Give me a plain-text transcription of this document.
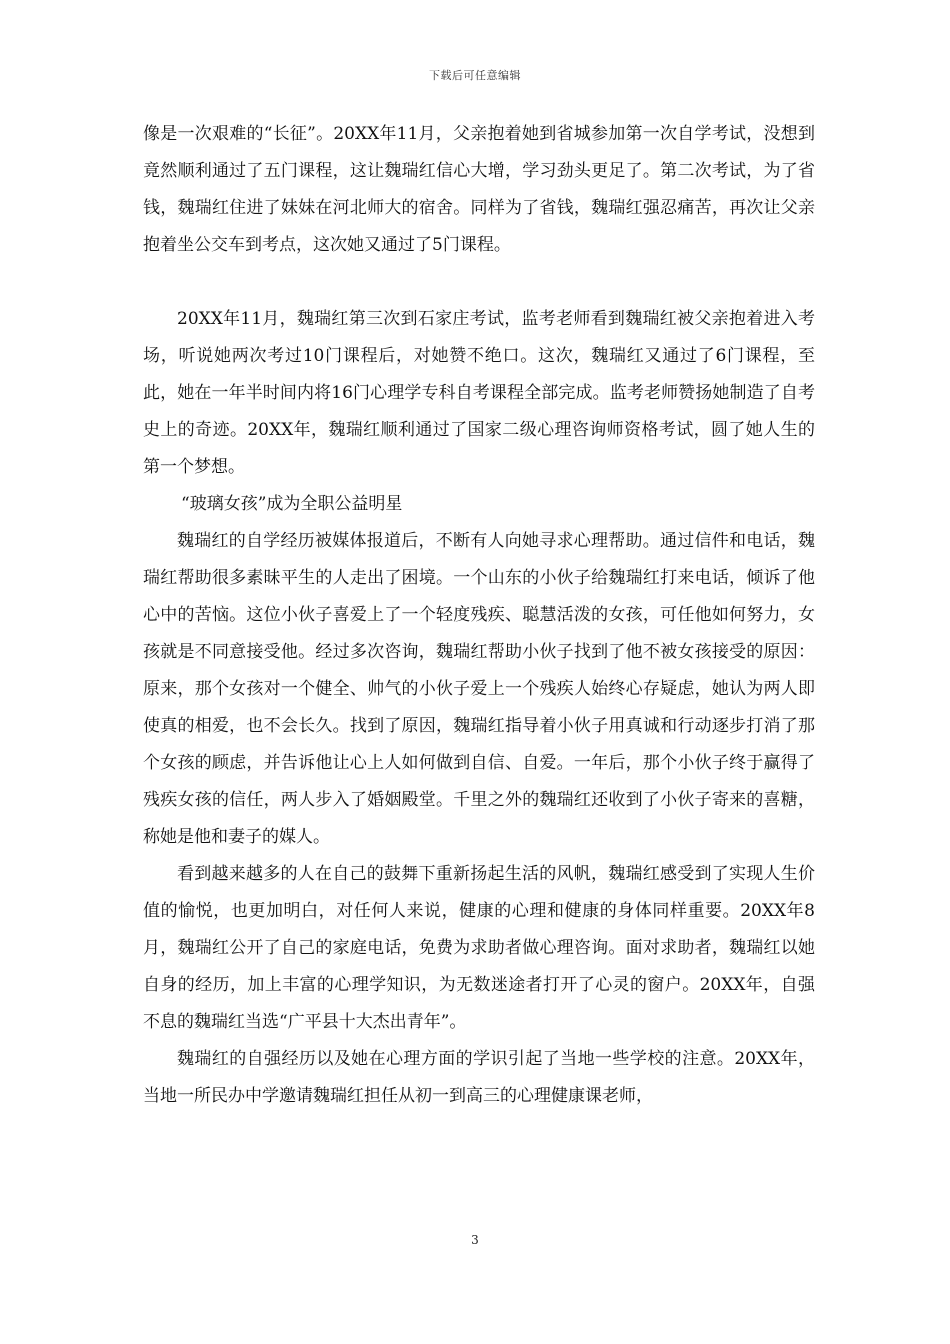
下载后可任意编辑

像是一次艰难的“长征”。20XX年11月，父亲抱着她到省城参加第一次自学考试，没想到竟然顺利通过了五门课程，这让魏瑞红信心大增，学习劲头更足了。第二次考试，为了省钱，魏瑞红住进了妹妹在河北师大的宿舍。同样为了省钱，魏瑞红强忍痛苦，再次让父亲抱着坐公交车到考点，这次她又通过了5门课程。

20XX年11月，魏瑞红第三次到石家庄考试，监考老师看到魏瑞红被父亲抱着进入考场，听说她两次考过10门课程后，对她赞不绝口。这次，魏瑞红又通过了6门课程，至此，她在一年半时间内将16门心理学专科自考课程全部完成。监考老师赞扬她制造了自考史上的奇迹。20XX年，魏瑞红顺利通过了国家二级心理咨询师资格考试，圆了她人生的第一个梦想。

“玻璃女孩”成为全职公益明星

魏瑞红的自学经历被媒体报道后，不断有人向她寻求心理帮助。通过信件和电话，魏瑞红帮助很多素昧平生的人走出了困境。一个山东的小伙子给魏瑞红打来电话，倾诉了他心中的苦恼。这位小伙子喜爱上了一个轻度残疾、聪慧活泼的女孩，可任他如何努力，女孩就是不同意接受他。经过多次咨询，魏瑞红帮助小伙子找到了他不被女孩接受的原因：原来，那个女孩对一个健全、帅气的小伙子爱上一个残疾人始终心存疑虑，她认为两人即使真的相爱，也不会长久。找到了原因，魏瑞红指导着小伙子用真诚和行动逐步打消了那个女孩的顾虑，并告诉他让心上人如何做到自信、自爱。一年后，那个小伙子终于赢得了残疾女孩的信任，两人步入了婚姻殿堂。千里之外的魏瑞红还收到了小伙子寄来的喜糖，称她是他和妻子的媒人。

看到越来越多的人在自己的鼓舞下重新扬起生活的风帆，魏瑞红感受到了实现人生价值的愉悦，也更加明白，对任何人来说，健康的心理和健康的身体同样重要。20XX年8月，魏瑞红公开了自己的家庭电话，免费为求助者做心理咨询。面对求助者，魏瑞红以她自身的经历，加上丰富的心理学知识，为无数迷途者打开了心灵的窗户。20XX年，自强不息的魏瑞红当选“广平县十大杰出青年”。

魏瑞红的自强经历以及她在心理方面的学识引起了当地一些学校的注意。20XX年，当地一所民办中学邀请魏瑞红担任从初一到高三的心理健康课老师，

3
